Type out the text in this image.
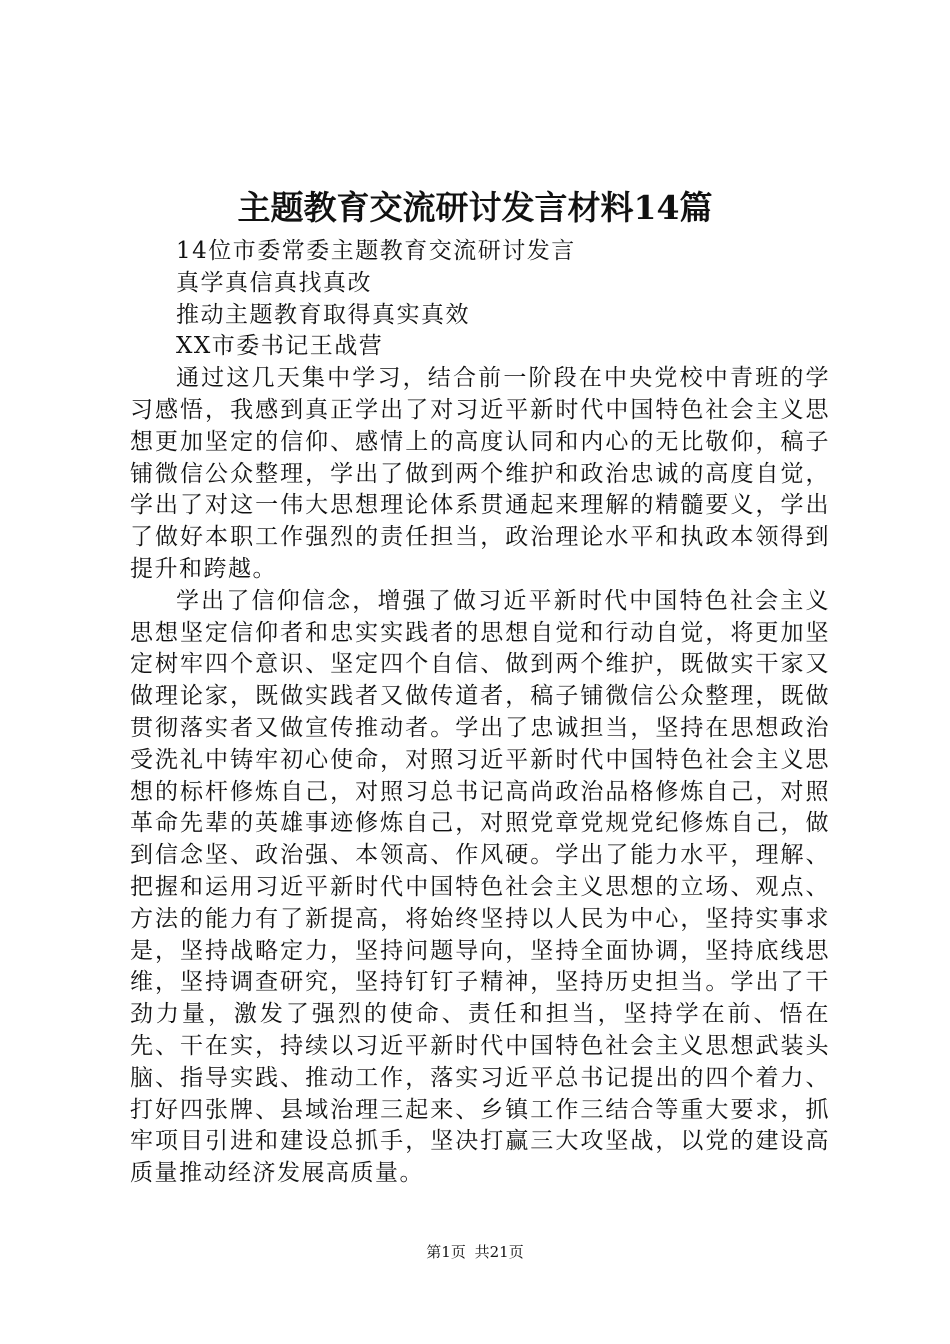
主题教育交流研讨发言材料14篇

14位市委常委主题教育交流研讨发言

真学真信真找真改

推动主题教育取得真实真效

XX市委书记王战营

通过这几天集中学习，结合前一阶段在中央党校中青班的学习感悟，我感到真正学出了对习近平新时代中国特色社会主义思想更加坚定的信仰、感情上的高度认同和内心的无比敬仰，稿子铺微信公众整理，学出了做到两个维护和政治忠诚的高度自觉，学出了对这一伟大思想理论体系贯通起来理解的精髓要义，学出了做好本职工作强烈的责任担当，政治理论水平和执政本领得到提升和跨越。

学出了信仰信念，增强了做习近平新时代中国特色社会主义思想坚定信仰者和忠实实践者的思想自觉和行动自觉，将更加坚定树牢四个意识、坚定四个自信、做到两个维护，既做实干家又做理论家，既做实践者又做传道者，稿子铺微信公众整理，既做贯彻落实者又做宣传推动者。学出了忠诚担当，坚持在思想政治受洗礼中铸牢初心使命，对照习近平新时代中国特色社会主义思想的标杆修炼自己，对照习总书记高尚政治品格修炼自己，对照革命先辈的英雄事迹修炼自己，对照党章党规党纪修炼自己，做到信念坚、政治强、本领高、作风硬。学出了能力水平，理解、把握和运用习近平新时代中国特色社会主义思想的立场、观点、方法的能力有了新提高，将始终坚持以人民为中心，坚持实事求是，坚持战略定力，坚持问题导向，坚持全面协调，坚持底线思维，坚持调查研究，坚持钉钉子精神，坚持历史担当。学出了干劲力量，激发了强烈的使命、责任和担当，坚持学在前、悟在先、干在实，持续以习近平新时代中国特色社会主义思想武装头脑、指导实践、推动工作，落实习近平总书记提出的四个着力、打好四张牌、县域治理三起来、乡镇工作三结合等重大要求，抓牢项目引进和建设总抓手，坚决打赢三大攻坚战，以党的建设高质量推动经济发展高质量。

第1页 共21页
